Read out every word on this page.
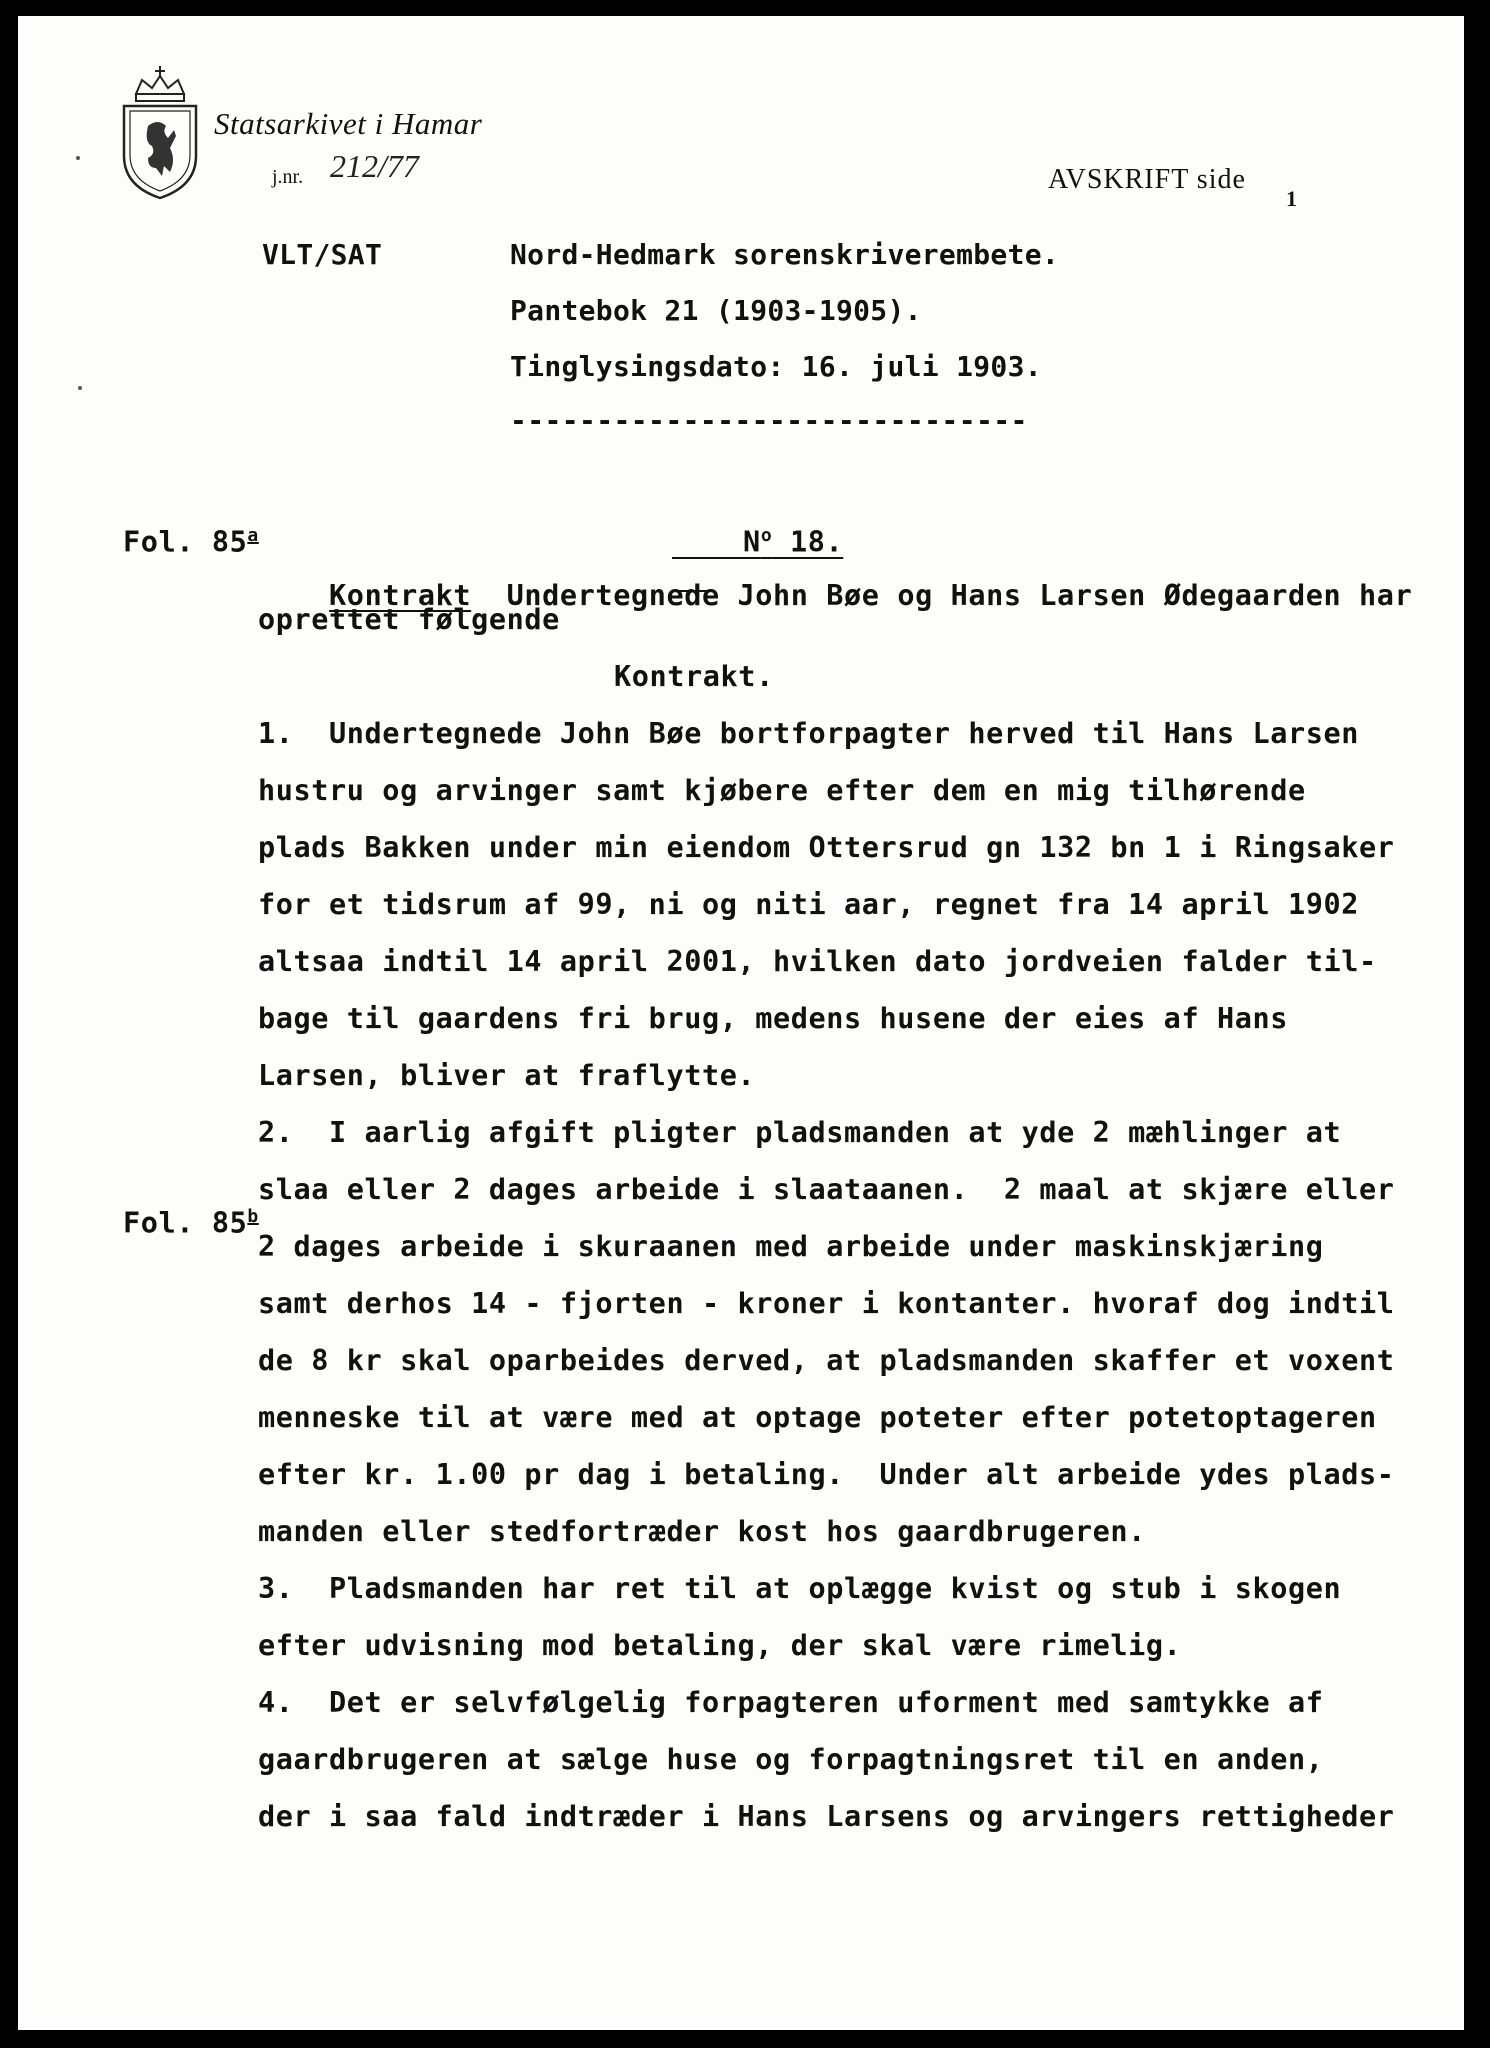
Statsarkivet i Hamar
j.nr. 212/77	AVSKRIFT side
1
VLT/SAT	Nord-Hedmark sorenskriverembete.
Pantebok 21 (1903-1905).
Tinglysingsdato: 16. juli 1903.
------------------------------

Fol. 85$^a$
	$N^o$ 18.

Kontrakt  Undertegnede John Bøe og Hans Larsen Ødegaarden har

oprettet følgende
Kontrakt.
1.  Undertegnede John Bøe bortforpagter herved til Hans Larsen
hustru og arvinger samt kjøbere efter dem en mig tilhørende
plads Bakken under min eiendom Ottersrud gn 132 bn 1 i Ringsaker
for et tidsrum af 99, ni og niti aar, regnet fra 14 april 1902
altsaa indtil 14 april 2001, hvilken dato jordveien falder til-
bage til gaardens fri brug, medens husene der eies af Hans
Larsen, bliver at fraflytte.
2.  I aarlig afgift pligter pladsmanden at yde 2 mæhlinger at

Fol. 85$^b$

slaa eller 2 dages arbeide i slaataanen.  2 maal at skjære eller
2 dages arbeide i skuraanen med arbeide under maskinskjæring
samt derhos 14 - fjorten - kroner i kontanter. hvoraf dog indtil
de 8 kr skal oparbeides derved, at pladsmanden skaffer et voxent
menneske til at være med at optage poteter efter potetoptageren
efter kr. 1.00 pr dag i betaling.  Under alt arbeide ydes plads-
manden eller stedfortræder kost hos gaardbrugeren.
3.  Pladsmanden har ret til at oplægge kvist og stub i skogen
efter udvisning mod betaling, der skal være rimelig.
4.  Det er selvfølgelig forpagteren uforment med samtykke af
gaardbrugeren at sælge huse og forpagtningsret til en anden,
der i saa fald indtræder i Hans Larsens og arvingers rettigheder
